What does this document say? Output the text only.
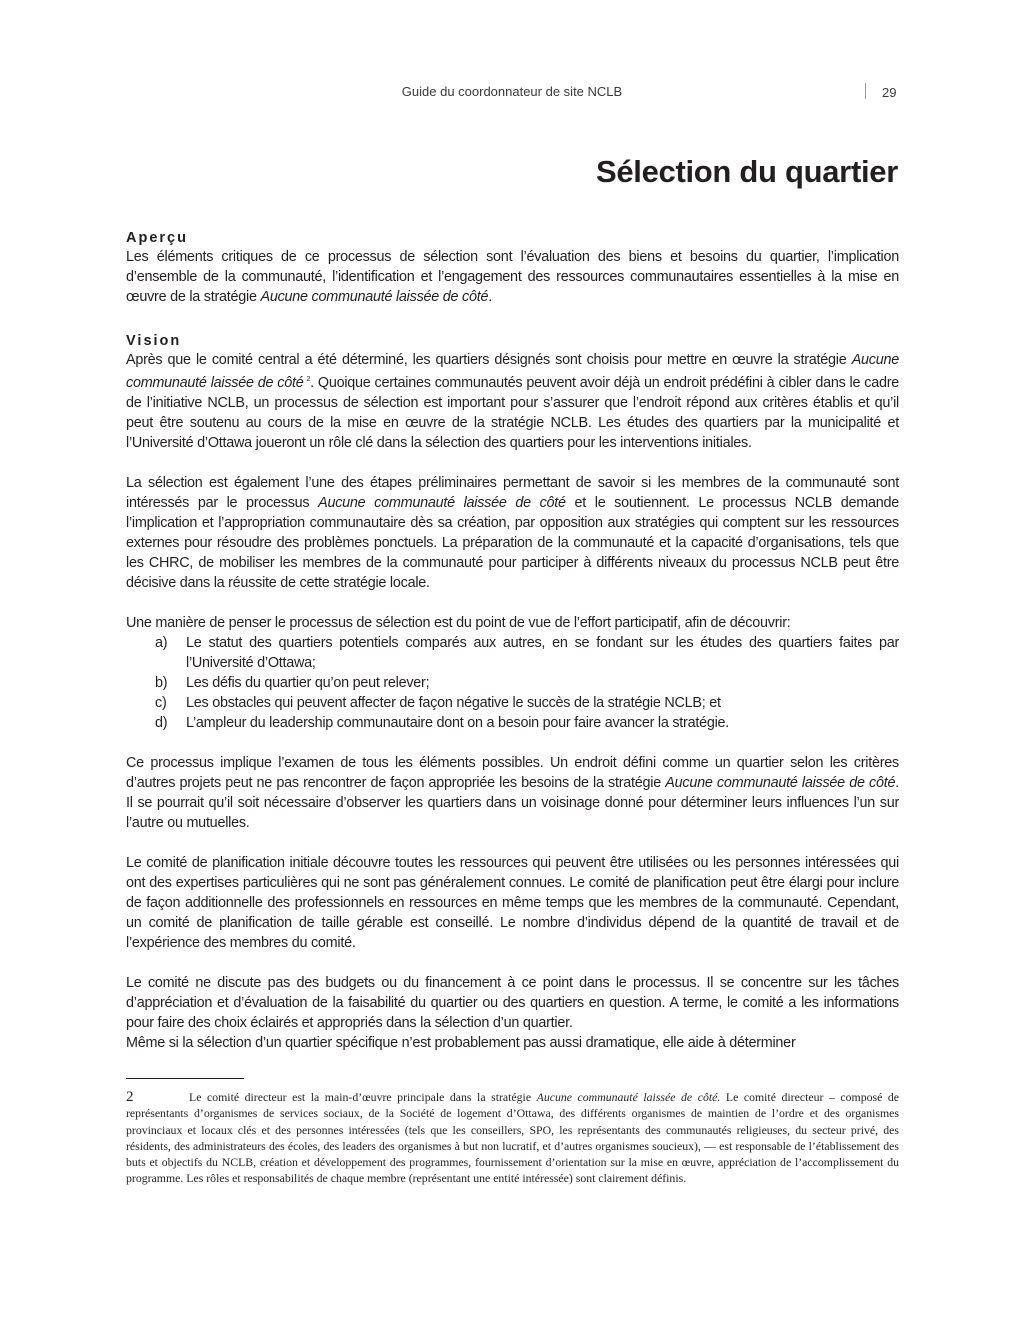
Guide du coordonnateur de site NCLB	29
Sélection du quartier
Aperçu

Les éléments critiques de ce processus de sélection sont l’évaluation des biens et besoins du quartier, l’implication d’ensemble de la communauté, l’identification et l’engagement des ressources communautaires essentielles à la mise en œuvre de la stratégie Aucune communauté laissée de côté.

Vision

Après que le comité central a été déterminé, les quartiers désignés sont choisis pour mettre en œuvre la stratégie Aucune communauté laissée de côté $^2$. Quoique certaines communautés peuvent avoir déjà un endroit prédéfini à cibler dans le cadre de l’initiative NCLB, un processus de sélection est important pour s’assurer que l’endroit répond aux critères établis et qu’il peut être soutenu au cours de la mise en œuvre de la stratégie NCLB. Les études des quartiers par la municipalité et l’Université d’Ottawa joueront un rôle clé dans la sélection des quartiers pour les interventions initiales.

La sélection est également l’une des étapes préliminaires permettant de savoir si les membres de la communauté sont intéressés par le processus Aucune communauté laissée de côté et le soutiennent. Le processus NCLB demande l’implication et l’appropriation communautaire dès sa création, par opposition aux stratégies qui comptent sur les ressources externes pour résoudre des problèmes ponctuels. La préparation de la communauté et la capacité d’organisations, tels que les CHRC, de mobiliser les membres de la communauté pour participer à différents niveaux du processus NCLB peut être décisive dans la réussite de cette stratégie locale.

Une manière de penser le processus de sélection est du point de vue de l’effort participatif, afin de découvrir:

a) Le statut des quartiers potentiels comparés aux autres, en se fondant sur les études des quartiers faites par l’Université d’Ottawa;
b) Les défis du quartier qu’on peut relever;
c) Les obstacles qui peuvent affecter de façon négative le succès de la stratégie NCLB; et
d) L’ampleur du leadership communautaire dont on a besoin pour faire avancer la stratégie.

Ce processus implique l’examen de tous les éléments possibles. Un endroit défini comme un quartier selon les critères d’autres projets peut ne pas rencontrer de façon appropriée les besoins de la stratégie Aucune communauté laissée de côté. Il se pourrait qu’il soit nécessaire d’observer les quartiers dans un voisinage donné pour déterminer leurs influences l’un sur l’autre ou mutuelles.

Le comité de planification initiale découvre toutes les ressources qui peuvent être utilisées ou les personnes intéressées qui ont des expertises particulières qui ne sont pas généralement connues. Le comité de planification peut être élargi pour inclure de façon additionnelle des professionnels en ressources en même temps que les membres de la communauté. Cependant, un comité de planification de taille gérable est conseillé. Le nombre d’individus dépend de la quantité de travail et de l’expérience des membres du comité.

Le comité ne discute pas des budgets ou du financement à ce point dans le processus. Il se concentre sur les tâches d’appréciation et d’évaluation de la faisabilité du quartier ou des quartiers en question. A terme, le comité a les informations pour faire des choix éclairés et appropriés dans la sélection d’un quartier.

Même si la sélection d’un quartier spécifique n’est probablement pas aussi dramatique, elle aide à déterminer

2	Le comité directeur est la main-d’œuvre principale dans la stratégie Aucune communauté laissée de côté. Le comité directeur – composé de représentants d’organismes de services sociaux, de la Société de logement d’Ottawa, des différents organismes de maintien de l’ordre et des organismes provinciaux et locaux clés et des personnes intéressées (tels que les conseillers, SPO, les représentants des communautés religieuses, du secteur privé, des résidents, des administrateurs des écoles, des leaders des organismes à but non lucratif, et d’autres organismes soucieux), — est responsable de l’établissement des buts et objectifs du NCLB, création et développement des programmes, fournissement d’orientation sur la mise en œuvre, appréciation de l’accomplissement du programme. Les rôles et responsabilités de chaque membre (représentant une entité intéressée) sont clairement définis.
